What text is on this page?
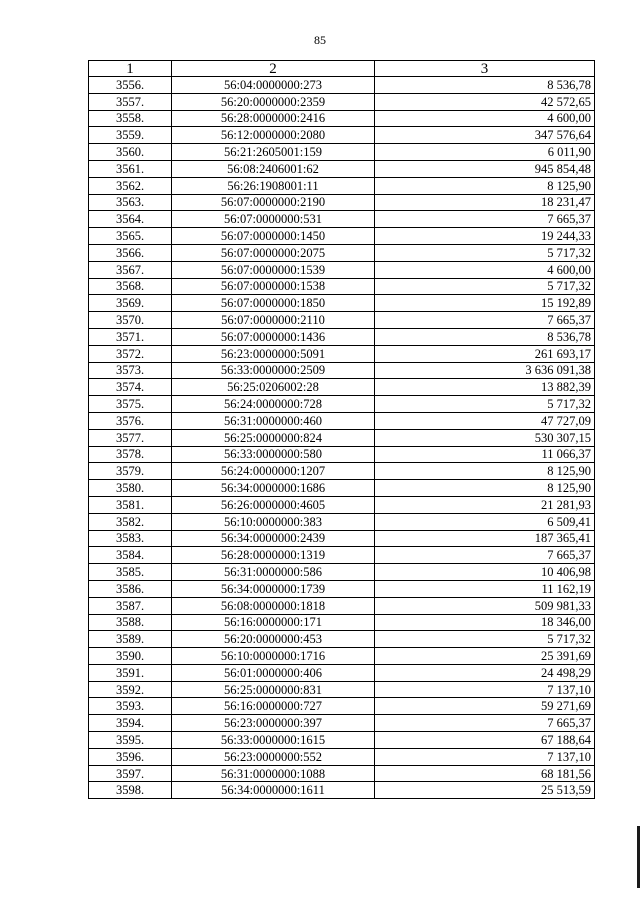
85
1	2	3
3556.	56:04:0000000:273	8 536,78
3557.	56:20:0000000:2359	42 572,65
3558.	56:28:0000000:2416	4 600,00
3559.	56:12:0000000:2080	347 576,64
3560.	56:21:2605001:159	6 011,90
3561.	56:08:2406001:62	945 854,48
3562.	56:26:1908001:11	8 125,90
3563.	56:07:0000000:2190	18 231,47
3564.	56:07:0000000:531	7 665,37
3565.	56:07:0000000:1450	19 244,33
3566.	56:07:0000000:2075	5 717,32
3567.	56:07:0000000:1539	4 600,00
3568.	56:07:0000000:1538	5 717,32
3569.	56:07:0000000:1850	15 192,89
3570.	56:07:0000000:2110	7 665,37
3571.	56:07:0000000:1436	8 536,78
3572.	56:23:0000000:5091	261 693,17
3573.	56:33:0000000:2509	3 636 091,38
3574.	56:25:0206002:28	13 882,39
3575.	56:24:0000000:728	5 717,32
3576.	56:31:0000000:460	47 727,09
3577.	56:25:0000000:824	530 307,15
3578.	56:33:0000000:580	11 066,37
3579.	56:24:0000000:1207	8 125,90
3580.	56:34:0000000:1686	8 125,90
3581.	56:26:0000000:4605	21 281,93
3582.	56:10:0000000:383	6 509,41
3583.	56:34:0000000:2439	187 365,41
3584.	56:28:0000000:1319	7 665,37
3585.	56:31:0000000:586	10 406,98
3586.	56:34:0000000:1739	11 162,19
3587.	56:08:0000000:1818	509 981,33
3588.	56:16:0000000:171	18 346,00
3589.	56:20:0000000:453	5 717,32
3590.	56:10:0000000:1716	25 391,69
3591.	56:01:0000000:406	24 498,29
3592.	56:25:0000000:831	7 137,10
3593.	56:16:0000000:727	59 271,69
3594.	56:23:0000000:397	7 665,37
3595.	56:33:0000000:1615	67 188,64
3596.	56:23:0000000:552	7 137,10
3597.	56:31:0000000:1088	68 181,56
3598.	56:34:0000000:1611	25 513,59
